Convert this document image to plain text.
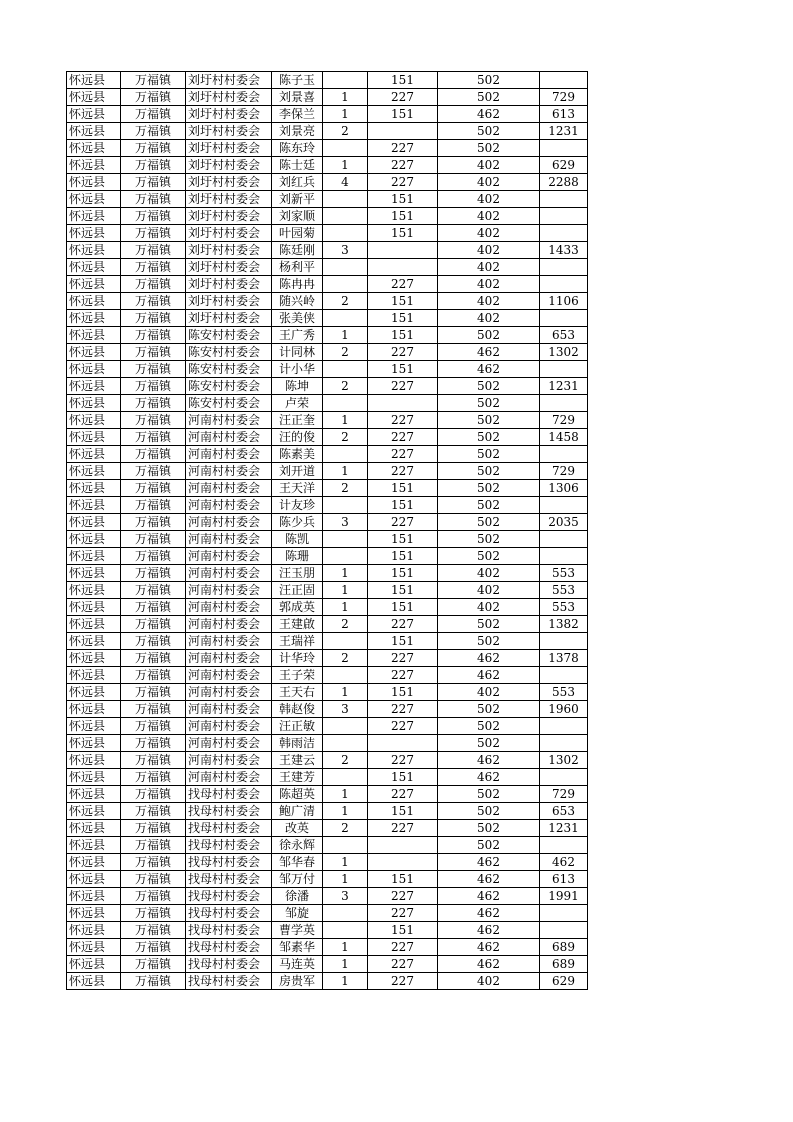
怀远县	万福镇	刘圩村村委会	陈子玉		151	502	
怀远县	万福镇	刘圩村村委会	刘景喜	1	227	502	729
怀远县	万福镇	刘圩村村委会	李保兰	1	151	462	613
怀远县	万福镇	刘圩村村委会	刘景亮	2		502	1231
怀远县	万福镇	刘圩村村委会	陈东玲		227	502	
怀远县	万福镇	刘圩村村委会	陈士廷	1	227	402	629
怀远县	万福镇	刘圩村村委会	刘红兵	4	227	402	2288
怀远县	万福镇	刘圩村村委会	刘新平		151	402	
怀远县	万福镇	刘圩村村委会	刘家顺		151	402	
怀远县	万福镇	刘圩村村委会	叶园菊		151	402	
怀远县	万福镇	刘圩村村委会	陈廷刚	3		402	1433
怀远县	万福镇	刘圩村村委会	杨利平			402	
怀远县	万福镇	刘圩村村委会	陈冉冉		227	402	
怀远县	万福镇	刘圩村村委会	随兴岭	2	151	402	1106
怀远县	万福镇	刘圩村村委会	张美侠		151	402	
怀远县	万福镇	陈安村村委会	王广秀	1	151	502	653
怀远县	万福镇	陈安村村委会	计同林	2	227	462	1302
怀远县	万福镇	陈安村村委会	计小华		151	462	
怀远县	万福镇	陈安村村委会	陈坤	2	227	502	1231
怀远县	万福镇	陈安村村委会	卢荣			502	
怀远县	万福镇	河南村村委会	汪正奎	1	227	502	729
怀远县	万福镇	河南村村委会	汪的俊	2	227	502	1458
怀远县	万福镇	河南村村委会	陈素美		227	502	
怀远县	万福镇	河南村村委会	刘开道	1	227	502	729
怀远县	万福镇	河南村村委会	王天洋	2	151	502	1306
怀远县	万福镇	河南村村委会	计友珍		151	502	
怀远县	万福镇	河南村村委会	陈少兵	3	227	502	2035
怀远县	万福镇	河南村村委会	陈凯		151	502	
怀远县	万福镇	河南村村委会	陈珊		151	502	
怀远县	万福镇	河南村村委会	汪玉朋	1	151	402	553
怀远县	万福镇	河南村村委会	汪正固	1	151	402	553
怀远县	万福镇	河南村村委会	郭成英	1	151	402	553
怀远县	万福镇	河南村村委会	王建啟	2	227	502	1382
怀远县	万福镇	河南村村委会	王瑞祥		151	502	
怀远县	万福镇	河南村村委会	计华玲	2	227	462	1378
怀远县	万福镇	河南村村委会	王子荣		227	462	
怀远县	万福镇	河南村村委会	王天右	1	151	402	553
怀远县	万福镇	河南村村委会	韩赵俊	3	227	502	1960
怀远县	万福镇	河南村村委会	汪正敏		227	502	
怀远县	万福镇	河南村村委会	韩雨洁			502	
怀远县	万福镇	河南村村委会	王建云	2	227	462	1302
怀远县	万福镇	河南村村委会	王建芳		151	462	
怀远县	万福镇	找母村村委会	陈超英	1	227	502	729
怀远县	万福镇	找母村村委会	鲍广清	1	151	502	653
怀远县	万福镇	找母村村委会	改英	2	227	502	1231
怀远县	万福镇	找母村村委会	徐永辉			502	
怀远县	万福镇	找母村村委会	邹华春	1		462	462
怀远县	万福镇	找母村村委会	邹万付	1	151	462	613
怀远县	万福镇	找母村村委会	徐潘	3	227	462	1991
怀远县	万福镇	找母村村委会	邹旋		227	462	
怀远县	万福镇	找母村村委会	曹学英		151	462	
怀远县	万福镇	找母村村委会	邹素华	1	227	462	689
怀远县	万福镇	找母村村委会	马连英	1	227	462	689
怀远县	万福镇	找母村村委会	房贵军	1	227	402	629
